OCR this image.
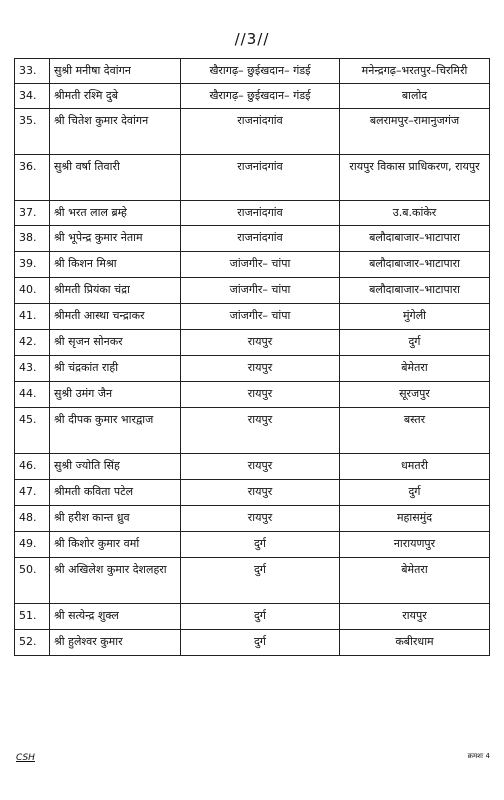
//3//
33.	सुश्री मनीषा देवांगन	खैरागढ़– छुईखदान– गंडई	मनेन्द्रगढ़–भरतपुर–चिरमिरी
34.	श्रीमती रश्मि दुबे	खैरागढ़– छुईखदान– गंडई	बालोद
35.	श्री चितेश कुमार देवांगन	राजनांदगांव	बलरामपुर–रामानुजगंज
36.	सुश्री वर्षा तिवारी	राजनांदगांव	रायपुर विकास प्राधिकरण, रायपुर
37.	श्री भरत लाल ब्रम्हे	राजनांदगांव	उ.ब.कांकेर
38.	श्री भूपेन्द्र कुमार नेताम	राजनांदगांव	बलौदाबाजार–भाटापारा
39.	श्री किशन मिश्रा	जांजगीर– चांपा	बलौदाबाजार–भाटापारा
40.	श्रीमती प्रियंका चंद्रा	जांजगीर– चांपा	बलौदाबाजार–भाटापारा
41.	श्रीमती आस्था चन्द्राकर	जांजगीर– चांपा	मुंगेली
42.	श्री सृजन सोनकर	रायपुर	दुर्ग
43.	श्री चंद्रकांत राही	रायपुर	बेमेतरा
44.	सुश्री उमंग जैन	रायपुर	सूरजपुर
45.	श्री दीपक कुमार भारद्वाज	रायपुर	बस्तर
46.	सुश्री ज्योति सिंह	रायपुर	धमतरी
47.	श्रीमती कविता पटेल	रायपुर	दुर्ग
48.	श्री हरीश कान्त ध्रुव	रायपुर	महासमुंद
49.	श्री किशोर कुमार वर्मा	दुर्ग	नारायणपुर
50.	श्री अखिलेश कुमार देशलहरा	दुर्ग	बेमेतरा
51.	श्री सत्येन्द्र शुक्ल	दुर्ग	रायपुर
52.	श्री हुलेश्वर कुमार	दुर्ग	कबीरधाम
CSH	क्रमशः 4
